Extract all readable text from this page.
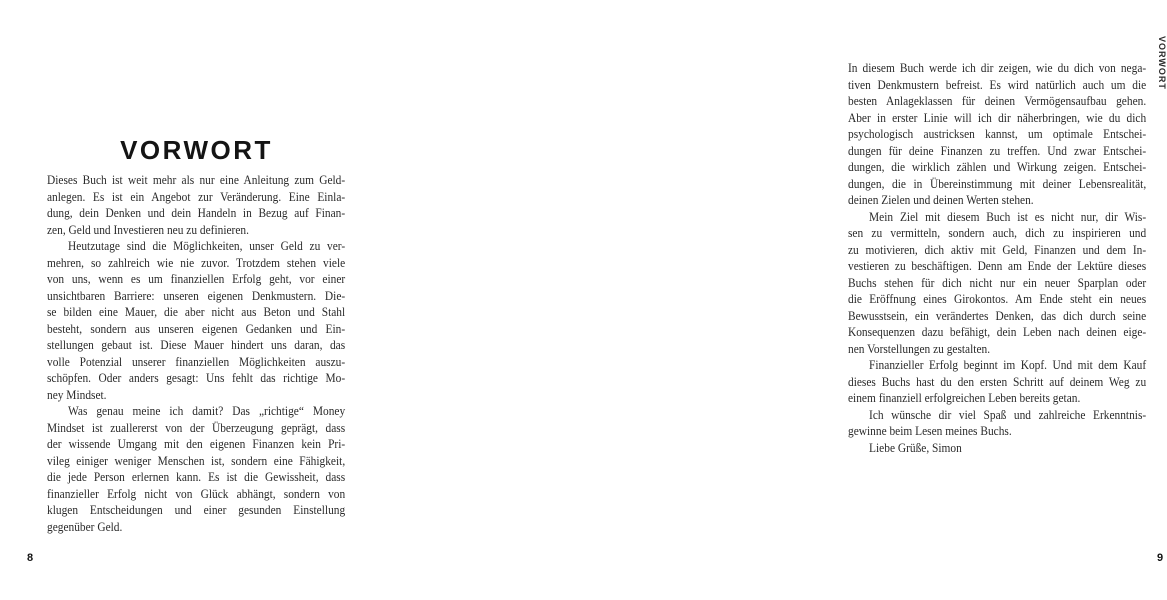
VORWORT
Dieses Buch ist weit mehr als nur eine Anleitung zum Geld-
anlegen. Es ist ein Angebot zur Veränderung. Eine Einla-
dung, dein Denken und dein Handeln in Bezug auf Finan-
zen, Geld und Investieren neu zu definieren.
Heutzutage sind die Möglichkeiten, unser Geld zu ver-
mehren, so zahlreich wie nie zuvor. Trotzdem stehen viele
von uns, wenn es um finanziellen Erfolg geht, vor einer
unsichtbaren Barriere: unseren eigenen Denkmustern. Die-
se bilden eine Mauer, die aber nicht aus Beton und Stahl
besteht, sondern aus unseren eigenen Gedanken und Ein-
stellungen gebaut ist. Diese Mauer hindert uns daran, das
volle Potenzial unserer finanziellen Möglichkeiten auszu-
schöpfen. Oder anders gesagt: Uns fehlt das richtige Mo-
ney Mindset.
Was genau meine ich damit? Das „richtige“ Money
Mindset ist zuallererst von der Überzeugung geprägt, dass
der wissende Umgang mit den eigenen Finanzen kein Pri-
vileg einiger weniger Menschen ist, sondern eine Fähigkeit,
die jede Person erlernen kann. Es ist die Gewissheit, dass
finanzieller Erfolg nicht von Glück abhängt, sondern von
klugen Entscheidungen und einer gesunden Einstellung
gegenüber Geld.
8
In diesem Buch werde ich dir zeigen, wie du dich von nega-
tiven Denkmustern befreist. Es wird natürlich auch um die
besten Anlageklassen für deinen Vermögensaufbau gehen.
Aber in erster Linie will ich dir näherbringen, wie du dich
psychologisch austricksen kannst, um optimale Entschei-
dungen für deine Finanzen zu treffen. Und zwar Entschei-
dungen, die wirklich zählen und Wirkung zeigen. Entschei-
dungen, die in Übereinstimmung mit deiner Lebensrealität,
deinen Zielen und deinen Werten stehen.
Mein Ziel mit diesem Buch ist es nicht nur, dir Wis-
sen zu vermitteln, sondern auch, dich zu inspirieren und
zu motivieren, dich aktiv mit Geld, Finanzen und dem In-
vestieren zu beschäftigen. Denn am Ende der Lektüre dieses
Buchs stehen für dich nicht nur ein neuer Sparplan oder
die Eröffnung eines Girokontos. Am Ende steht ein neues
Bewusstsein, ein verändertes Denken, das dich durch seine
Konsequenzen dazu befähigt, dein Leben nach deinen eige-
nen Vorstellungen zu gestalten.
Finanzieller Erfolg beginnt im Kopf. Und mit dem Kauf
dieses Buchs hast du den ersten Schritt auf deinem Weg zu
einem finanziell erfolgreichen Leben bereits getan.
Ich wünsche dir viel Spaß und zahlreiche Erkenntnis-
gewinne beim Lesen meines Buchs.
Liebe Grüße, Simon
VORWORT
9
